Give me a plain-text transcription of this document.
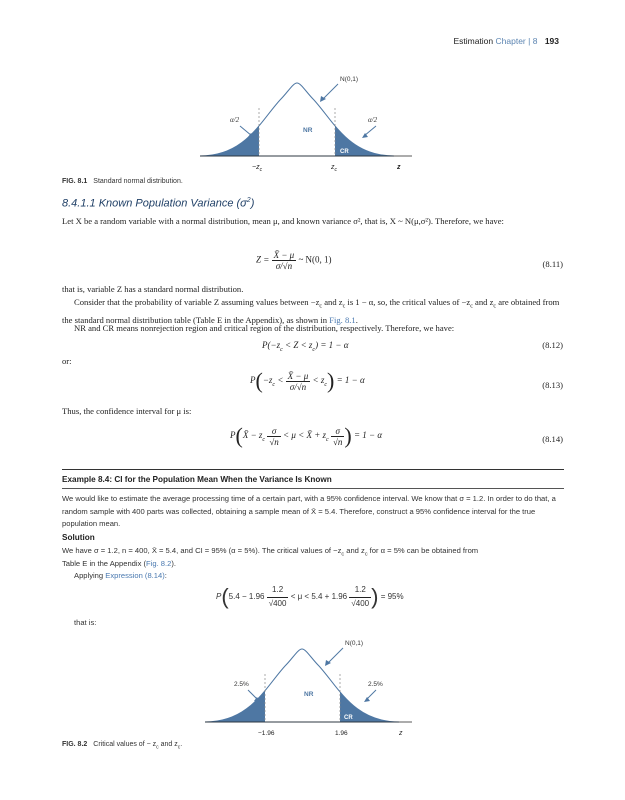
Estimation Chapter | 8 193
N(0,1)
α/2	α/2
NR
CR	CR
$-z_c$	$z_c$	z
FIG. 8.1 Standard normal distribution.
8.4.1.1 Known Population Variance $(\sigma^2)$
Let X be a random variable with a normal distribution, mean μ, and known variance σ², that is, X ~ N(μ,σ²). Therefore, we have:
$Z = \frac{X̄ - \mu}{\sigma/√n}$ ~ N(0, 1)	(8.11)
that is, variable Z has a standard normal distribution.
Consider that the probability of variable Z assuming values between $-z_c$ and $z_c$ is 1 − α, so, the critical values of $-z_c$ and $z_c$ are obtained from the standard normal distribution table (Table E in the Appendix), as shown in Fig. 8.1.
NR and CR means nonrejection region and critical region of the distribution, respectively. Therefore, we have:
$P(-z_c < Z < z_c) = 1 - \alpha$	(8.12)
or:
$P(-z_c < \frac{X̄ - \mu}{\sigma/√n} < z_c) = 1 - \alpha$	(8.13)
Thus, the confidence interval for μ is:
P(X̄ − $z_c \frac{\sigma}{√n} < \mu$ < X̄ + $z_c \frac{\sigma}{√n}$ ) = 1 − α	(8.14)
Example 8.4: CI for the Population Mean When the Variance Is Known
We would like to estimate the average processing time of a certain part, with a 95% confidence interval. We know that σ = 1.2. In order to do that, a random sample with 400 parts was collected, obtaining a sample mean of X̄ = 5.4. Therefore, construct a 95% confidence interval for the true population mean.
Solution
We have σ = 1.2, n = 400, X̄ = 5.4, and CI = 95% (α = 5%). The critical values of $-z_c$ and $z_c$ for α = 5% can be obtained from
Table E in the Appendix (Fig. 8.2).
Applying Expression (8.14):
$P(5.4 - 1.96 \frac{1.2}{√400} < \mu < 5.4 + 1.96 \frac{1.2}{√400}$ ) = 95%
that is:
N(0,1)
2.5%	2.5%
NR
CR	CR
−1.96	1.96	z
FIG. 8.2 Critical values of − $z_c$ and $z_c$.
